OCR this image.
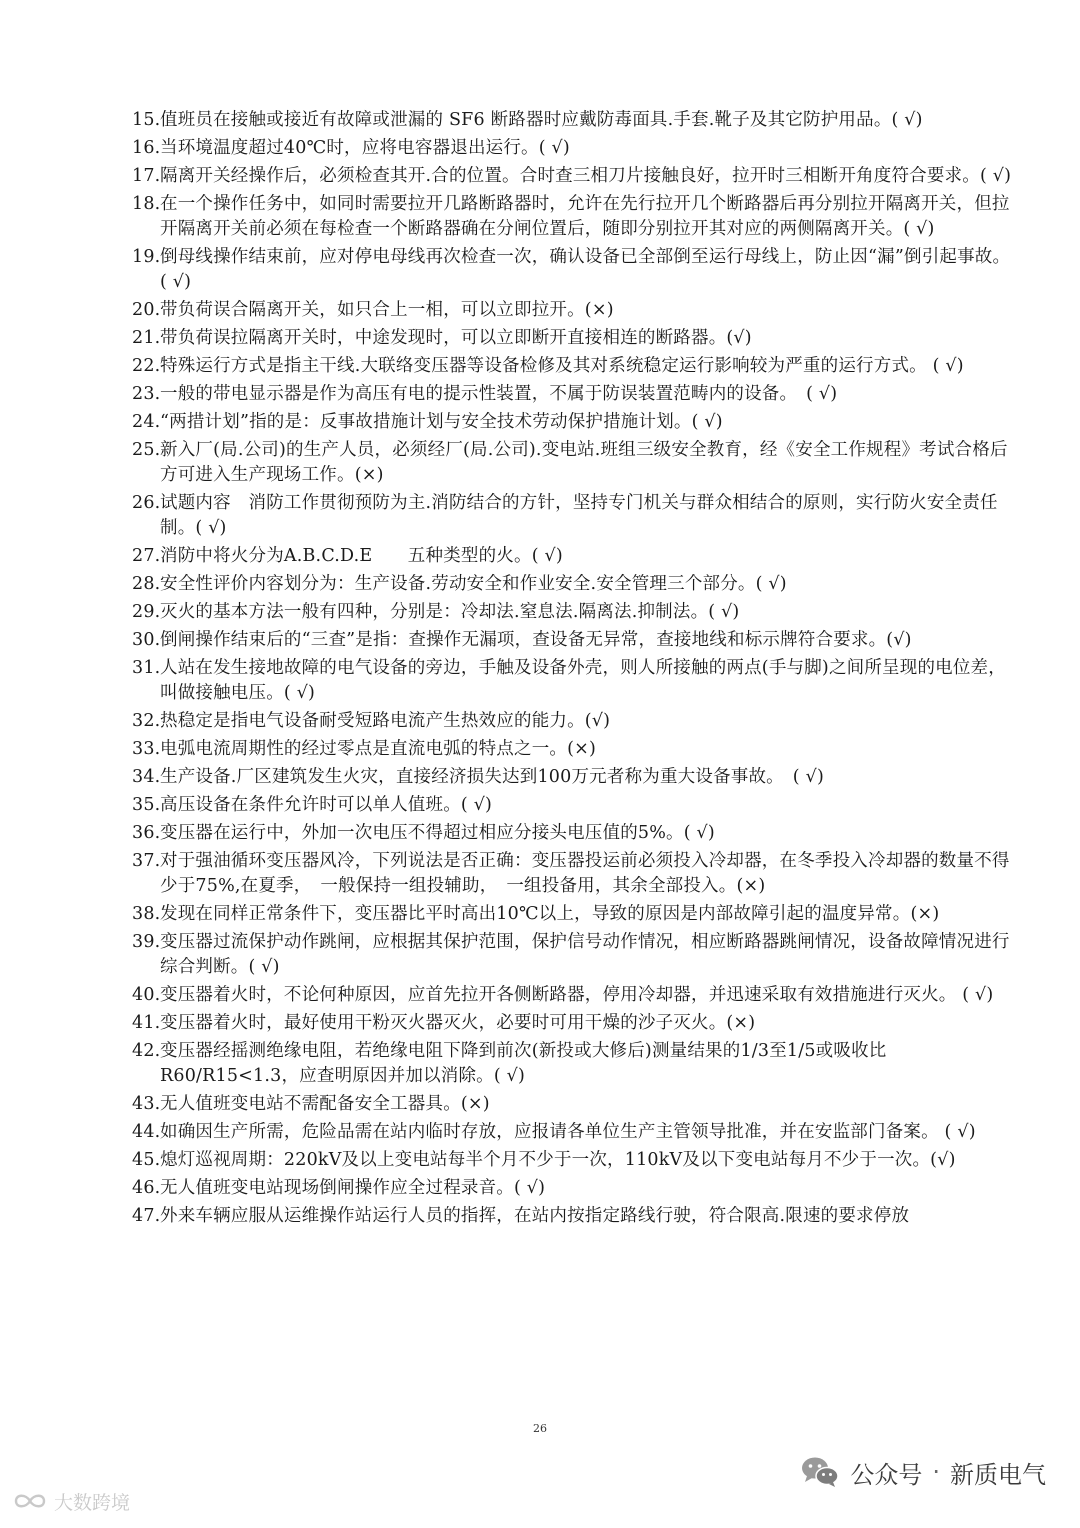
15. 值班员在接触或接近有故障或泄漏的 SF6 断路器时应戴防毒面具.手套.靴子及其它防护用品。( √)
16. 当环境温度超过40℃时，应将电容器退出运行。( √)
17. 隔离开关经操作后，必须检查其开.合的位置。合时查三相刀片接触良好，拉开时三相断开角度符合要求。( √)
18. 在一个操作任务中，如同时需要拉开几路断路器时，允许在先行拉开几个断路器后再分别拉开隔离开关，但拉开隔离开关前必须在每检查一个断路器确在分闸位置后，随即分别拉开其对应的两侧隔离开关。( √)
19. 倒母线操作结束前，应对停电母线再次检查一次，确认设备已全部倒至运行母线上，防止因“漏”倒引起事故。( √)
20. 带负荷误合隔离开关，如只合上一相，可以立即拉开。(×)
21. 带负荷误拉隔离开关时，中途发现时，可以立即断开直接相连的断路器。(√)
22. 特殊运行方式是指主干线.大联络变压器等设备检修及其对系统稳定运行影响较为严重的运行方式。 ( √)
23. 一般的带电显示器是作为高压有电的提示性装置，不属于防误装置范畴内的设备。　( √)
24. “两措计划”指的是：反事故措施计划与安全技术劳动保护措施计划。( √)
25. 新入厂(局.公司)的生产人员，必须经厂(局.公司).变电站.班组三级安全教育，经《安全工作规程》考试合格后方可进入生产现场工作。(×)
26. 试题内容　消防工作贯彻预防为主.消防结合的方针，坚持专门机关与群众相结合的原则，实行防火安全责任制。( √)
27. 消防中将火分为A.B.C.D.E　　五种类型的火。( √)
28. 安全性评价内容划分为：生产设备.劳动安全和作业安全.安全管理三个部分。( √)
29. 灭火的基本方法一般有四种，分别是：冷却法.窒息法.隔离法.抑制法。( √)
30. 倒闸操作结束后的“三查”是指：查操作无漏项，查设备无异常，查接地线和标示牌符合要求。(√)
31. 人站在发生接地故障的电气设备的旁边，手触及设备外壳，则人所接触的两点(手与脚)之间所呈现的电位差，叫做接触电压。( √)
32. 热稳定是指电气设备耐受短路电流产生热效应的能力。(√)
33. 电弧电流周期性的经过零点是直流电弧的特点之一。(×)
34. 生产设备.厂区建筑发生火灾，直接经济损失达到100万元者称为重大设备事故。　( √)
35. 高压设备在条件允许时可以单人值班。( √)
36. 变压器在运行中，外加一次电压不得超过相应分接头电压值的5%。( √)
37. 对于强油循环变压器风冷，下列说法是否正确：变压器投运前必须投入冷却器，在冬季投入冷却器的数量不得少于75%,在夏季，　一般保持一组投辅助，　一组投备用，其余全部投入。(×)
38. 发现在同样正常条件下，变压器比平时高出10℃以上，导致的原因是内部故障引起的温度异常。(×)
39. 变压器过流保护动作跳闸，应根据其保护范围，保护信号动作情况，相应断路器跳闸情况，设备故障情况进行综合判断。( √)
40. 变压器着火时，不论何种原因，应首先拉开各侧断路器，停用冷却器，并迅速采取有效措施进行灭火。 ( √)
41. 变压器着火时，最好使用干粉灭火器灭火，必要时可用干燥的沙子灭火。(×)
42. 变压器经摇测绝缘电阻，若绝缘电阻下降到前次(新投或大修后)测量结果的1/3至1/5或吸收比R60/R15<1.3，应查明原因并加以消除。( √)
43. 无人值班变电站不需配备安全工器具。(×)
44. 如确因生产所需，危险品需在站内临时存放，应报请各单位生产主管领导批准，并在安监部门备案。 ( √)
45. 熄灯巡视周期：220kV及以上变电站每半个月不少于一次，110kV及以下变电站每月不少于一次。(√)
46. 无人值班变电站现场倒闸操作应全过程录音。( √)
47. 外来车辆应服从运维操作站运行人员的指挥，在站内按指定路线行驶，符合限高.限速的要求停放
26
大数跨境
公众号 · 新质电气
